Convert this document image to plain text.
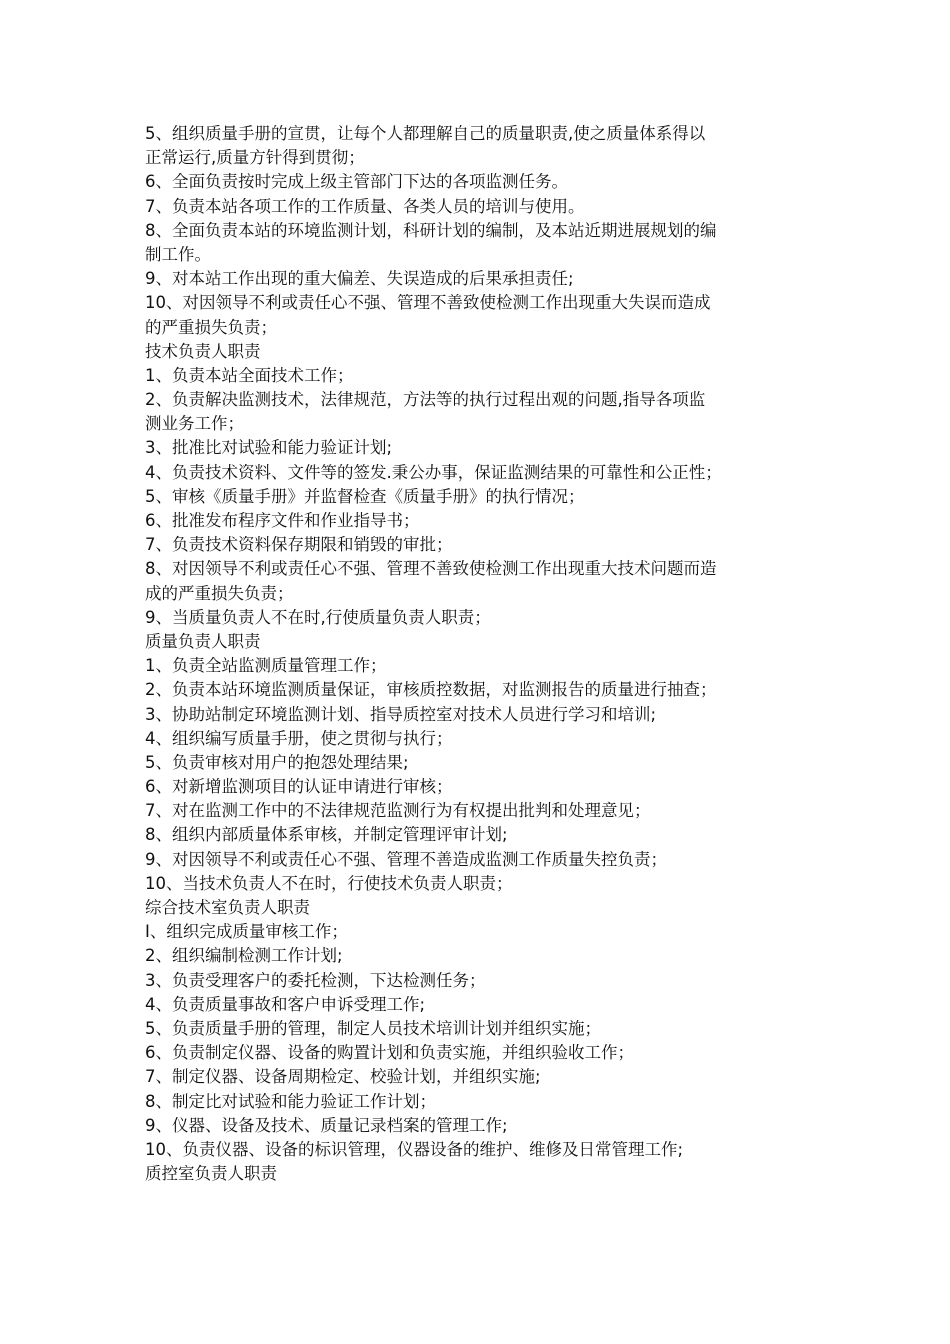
5、组织质量手册的宣贯，让每个人都理解自己的质量职责,使之质量体系得以

正常运行,质量方针得到贯彻；

6、全面负责按时完成上级主管部门下达的各项监测任务。

7、负责本站各项工作的工作质量、各类人员的培训与使用。

8、全面负责本站的环境监测计划，科研计划的编制，及本站近期进展规划的编

制工作。

9、对本站工作出现的重大偏差、失误造成的后果承担责任;

10、对因领导不利或责任心不强、管理不善致使检测工作出现重大失误而造成

的严重损失负责；

技术负责人职责

1、负责本站全面技术工作；

2、负责解决监测技术，法律规范，方法等的执行过程出观的问题,指导各项监

测业务工作；

3、批准比对试验和能力验证计划;

4、负责技术资料、文件等的签发.秉公办事，保证监测结果的可靠性和公正性；

5、审核《质量手册》并监督检查《质量手册》的执行情况；

6、批准发布程序文件和作业指导书；

7、负责技术资料保存期限和销毁的审批；

8、对因领导不利或责任心不强、管理不善致使检测工作出现重大技术问题而造

成的严重损失负责；

9、当质量负责人不在时,行使质量负责人职责；

质量负责人职责

1、负责全站监测质量管理工作；

2、负责本站环境监测质量保证，审核质控数据，对监测报告的质量进行抽查；

3、协助站制定环境监测计划、指导质控室对技术人员进行学习和培训;

4、组织编写质量手册，使之贯彻与执行；

5、负责审核对用户的抱怨处理结果;

6、对新增监测项目的认证申请进行审核；

7、对在监测工作中的不法律规范监测行为有权提出批判和处理意见；

8、组织内部质量体系审核，并制定管理评审计划;

9、对因领导不利或责任心不强、管理不善造成监测工作质量失控负责；

10、当技术负责人不在时，行使技术负责人职责；

综合技术室负责人职责

I、组织完成质量审核工作；

2、组织编制检测工作计划;

3、负责受理客户的委托检测，下达检测任务；

4、负责质量事故和客户申诉受理工作;

5、负责质量手册的管理，制定人员技术培训计划并组织实施；

6、负责制定仪器、设备的购置计划和负责实施，并组织验收工作；

7、制定仪器、设备周期检定、校验计划，并组织实施;

8、制定比对试验和能力验证工作计划；

9、仪器、设备及技术、质量记录档案的管理工作;

10、负责仪器、设备的标识管理，仪器设备的维护、维修及日常管理工作;

质控室负责人职责
